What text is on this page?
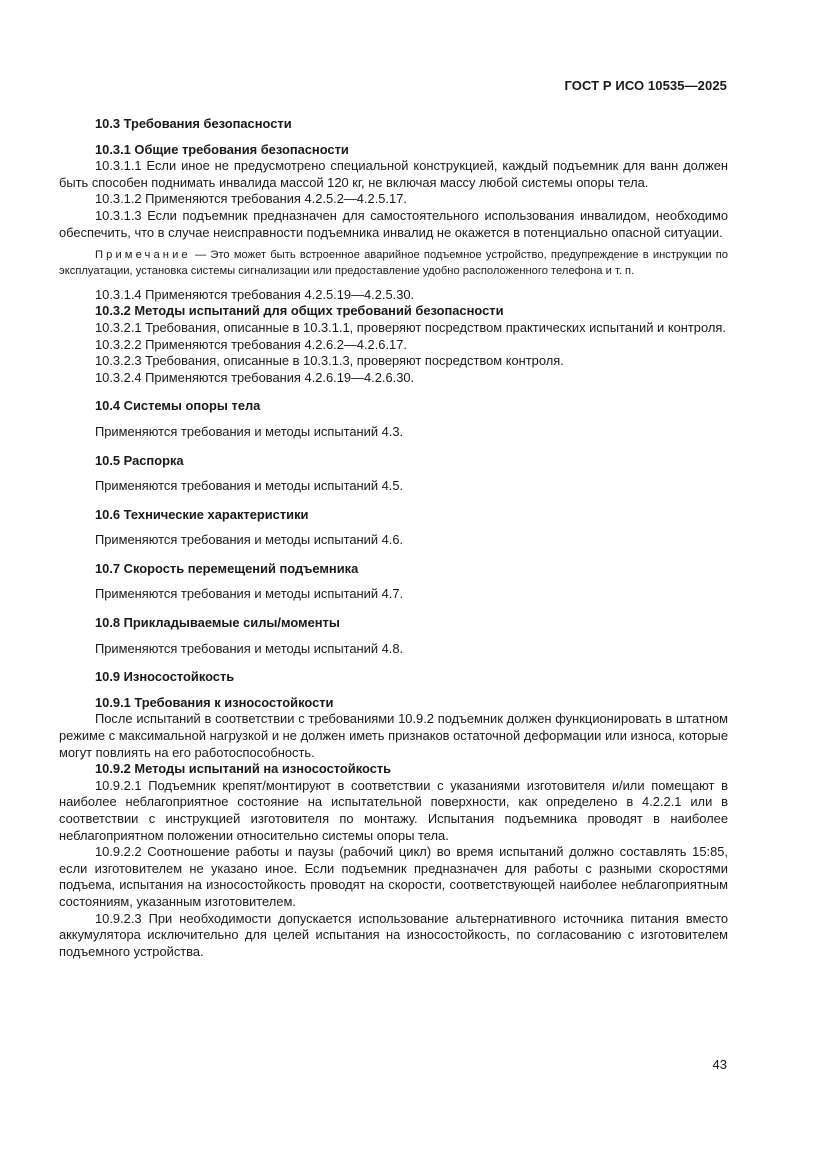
ГОСТ Р ИСО 10535—2025

10.3 Требования безопасности

10.3.1 Общие требования безопасности

10.3.1.1 Если иное не предусмотрено специальной конструкцией, каждый подъемник для ванн должен быть способен поднимать инвалида массой 120 кг, не включая массу любой системы опоры тела.

10.3.1.2 Применяются требования 4.2.5.2—4.2.5.17.

10.3.1.3 Если подъемник предназначен для самостоятельного использования инвалидом, необходимо обеспечить, что в случае неисправности подъемника инвалид не окажется в потенциально опасной ситуации.

Примечание — Это может быть встроенное аварийное подъемное устройство, предупреждение в инструкции по эксплуатации, установка системы сигнализации или предоставление удобно расположенного телефона и т. п.

10.3.1.4 Применяются требования 4.2.5.19—4.2.5.30.

10.3.2 Методы испытаний для общих требований безопасности

10.3.2.1 Требования, описанные в 10.3.1.1, проверяют посредством практических испытаний и контроля.

10.3.2.2 Применяются требования 4.2.6.2—4.2.6.17.

10.3.2.3 Требования, описанные в 10.3.1.3, проверяют посредством контроля.

10.3.2.4 Применяются требования 4.2.6.19—4.2.6.30.

10.4 Системы опоры тела

Применяются требования и методы испытаний 4.3.

10.5 Распорка

Применяются требования и методы испытаний 4.5.

10.6 Технические характеристики

Применяются требования и методы испытаний 4.6.

10.7 Скорость перемещений подъемника

Применяются требования и методы испытаний 4.7.

10.8 Прикладываемые силы/моменты

Применяются требования и методы испытаний 4.8.

10.9 Износостойкость

10.9.1 Требования к износостойкости

После испытаний в соответствии с требованиями 10.9.2 подъемник должен функционировать в штатном режиме с максимальной нагрузкой и не должен иметь признаков остаточной деформации или износа, которые могут повлиять на его работоспособность.

10.9.2 Методы испытаний на износостойкость

10.9.2.1 Подъемник крепят/монтируют в соответствии с указаниями изготовителя и/или помещают в наиболее неблагоприятное состояние на испытательной поверхности, как определено в 4.2.2.1 или в соответствии с инструкцией изготовителя по монтажу. Испытания подъемника проводят в наиболее неблагоприятном положении относительно системы опоры тела.

10.9.2.2 Соотношение работы и паузы (рабочий цикл) во время испытаний должно составлять 15:85, если изготовителем не указано иное. Если подъемник предназначен для работы с разными скоростями подъема, испытания на износостойкость проводят на скорости, соответствующей наиболее неблагоприятным состояниям, указанным изготовителем.

10.9.2.3 При необходимости допускается использование альтернативного источника питания вместо аккумулятора исключительно для целей испытания на износостойкость, по согласованию с изготовителем подъемного устройства.

43
